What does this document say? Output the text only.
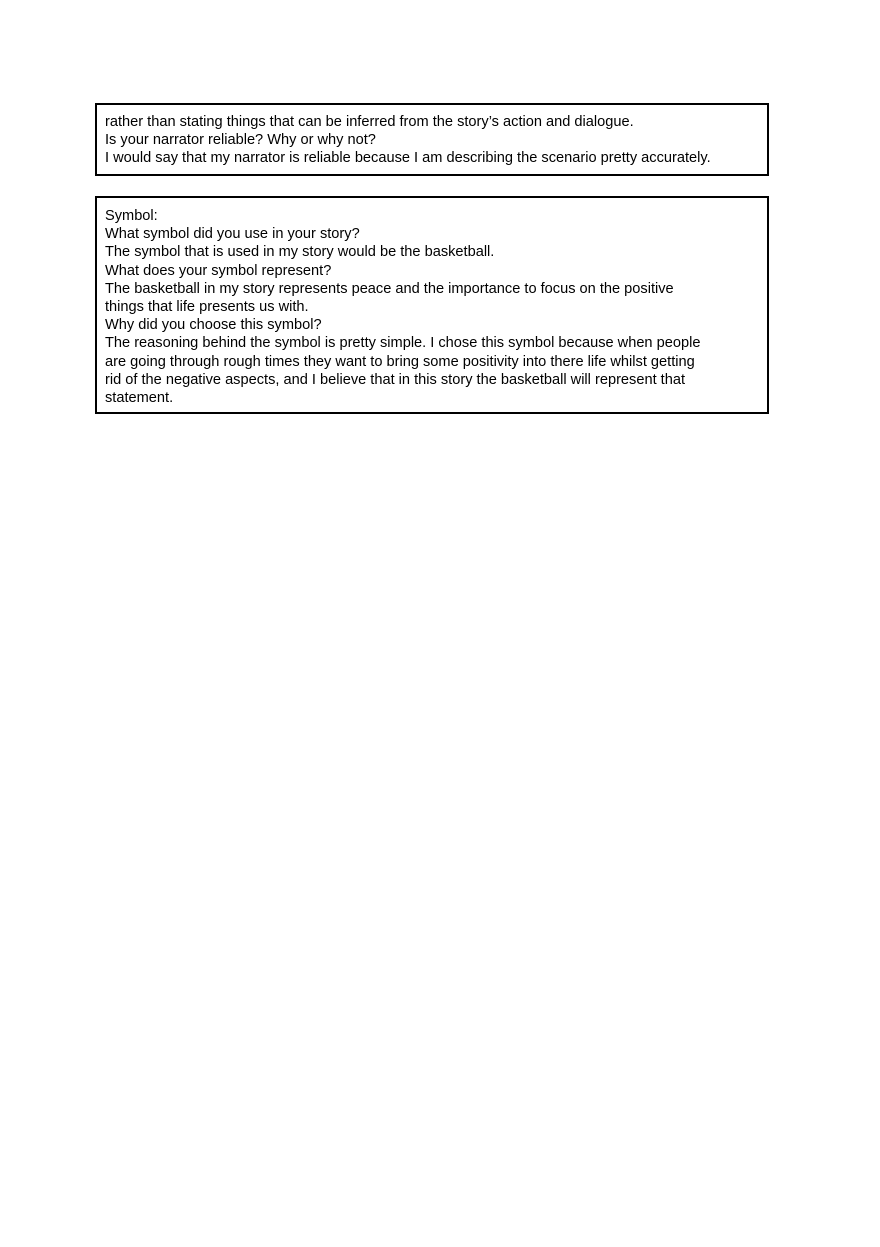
rather than stating things that can be inferred from the story’s action and dialogue.
Is your narrator reliable? Why or why not?
I would say that my narrator is reliable because I am describing the scenario pretty accurately.
Symbol:
What symbol did you use in your story?
The symbol that is used in my story would be the basketball.
What does your symbol represent?
The basketball in my story represents peace and the importance to focus on the positive
things that life presents us with.
Why did you choose this symbol?
The reasoning behind the symbol is pretty simple. I chose this symbol because when people
are going through rough times they want to bring some positivity into there life whilst getting
rid of the negative aspects, and I believe that in this story the basketball will represent that
statement.
